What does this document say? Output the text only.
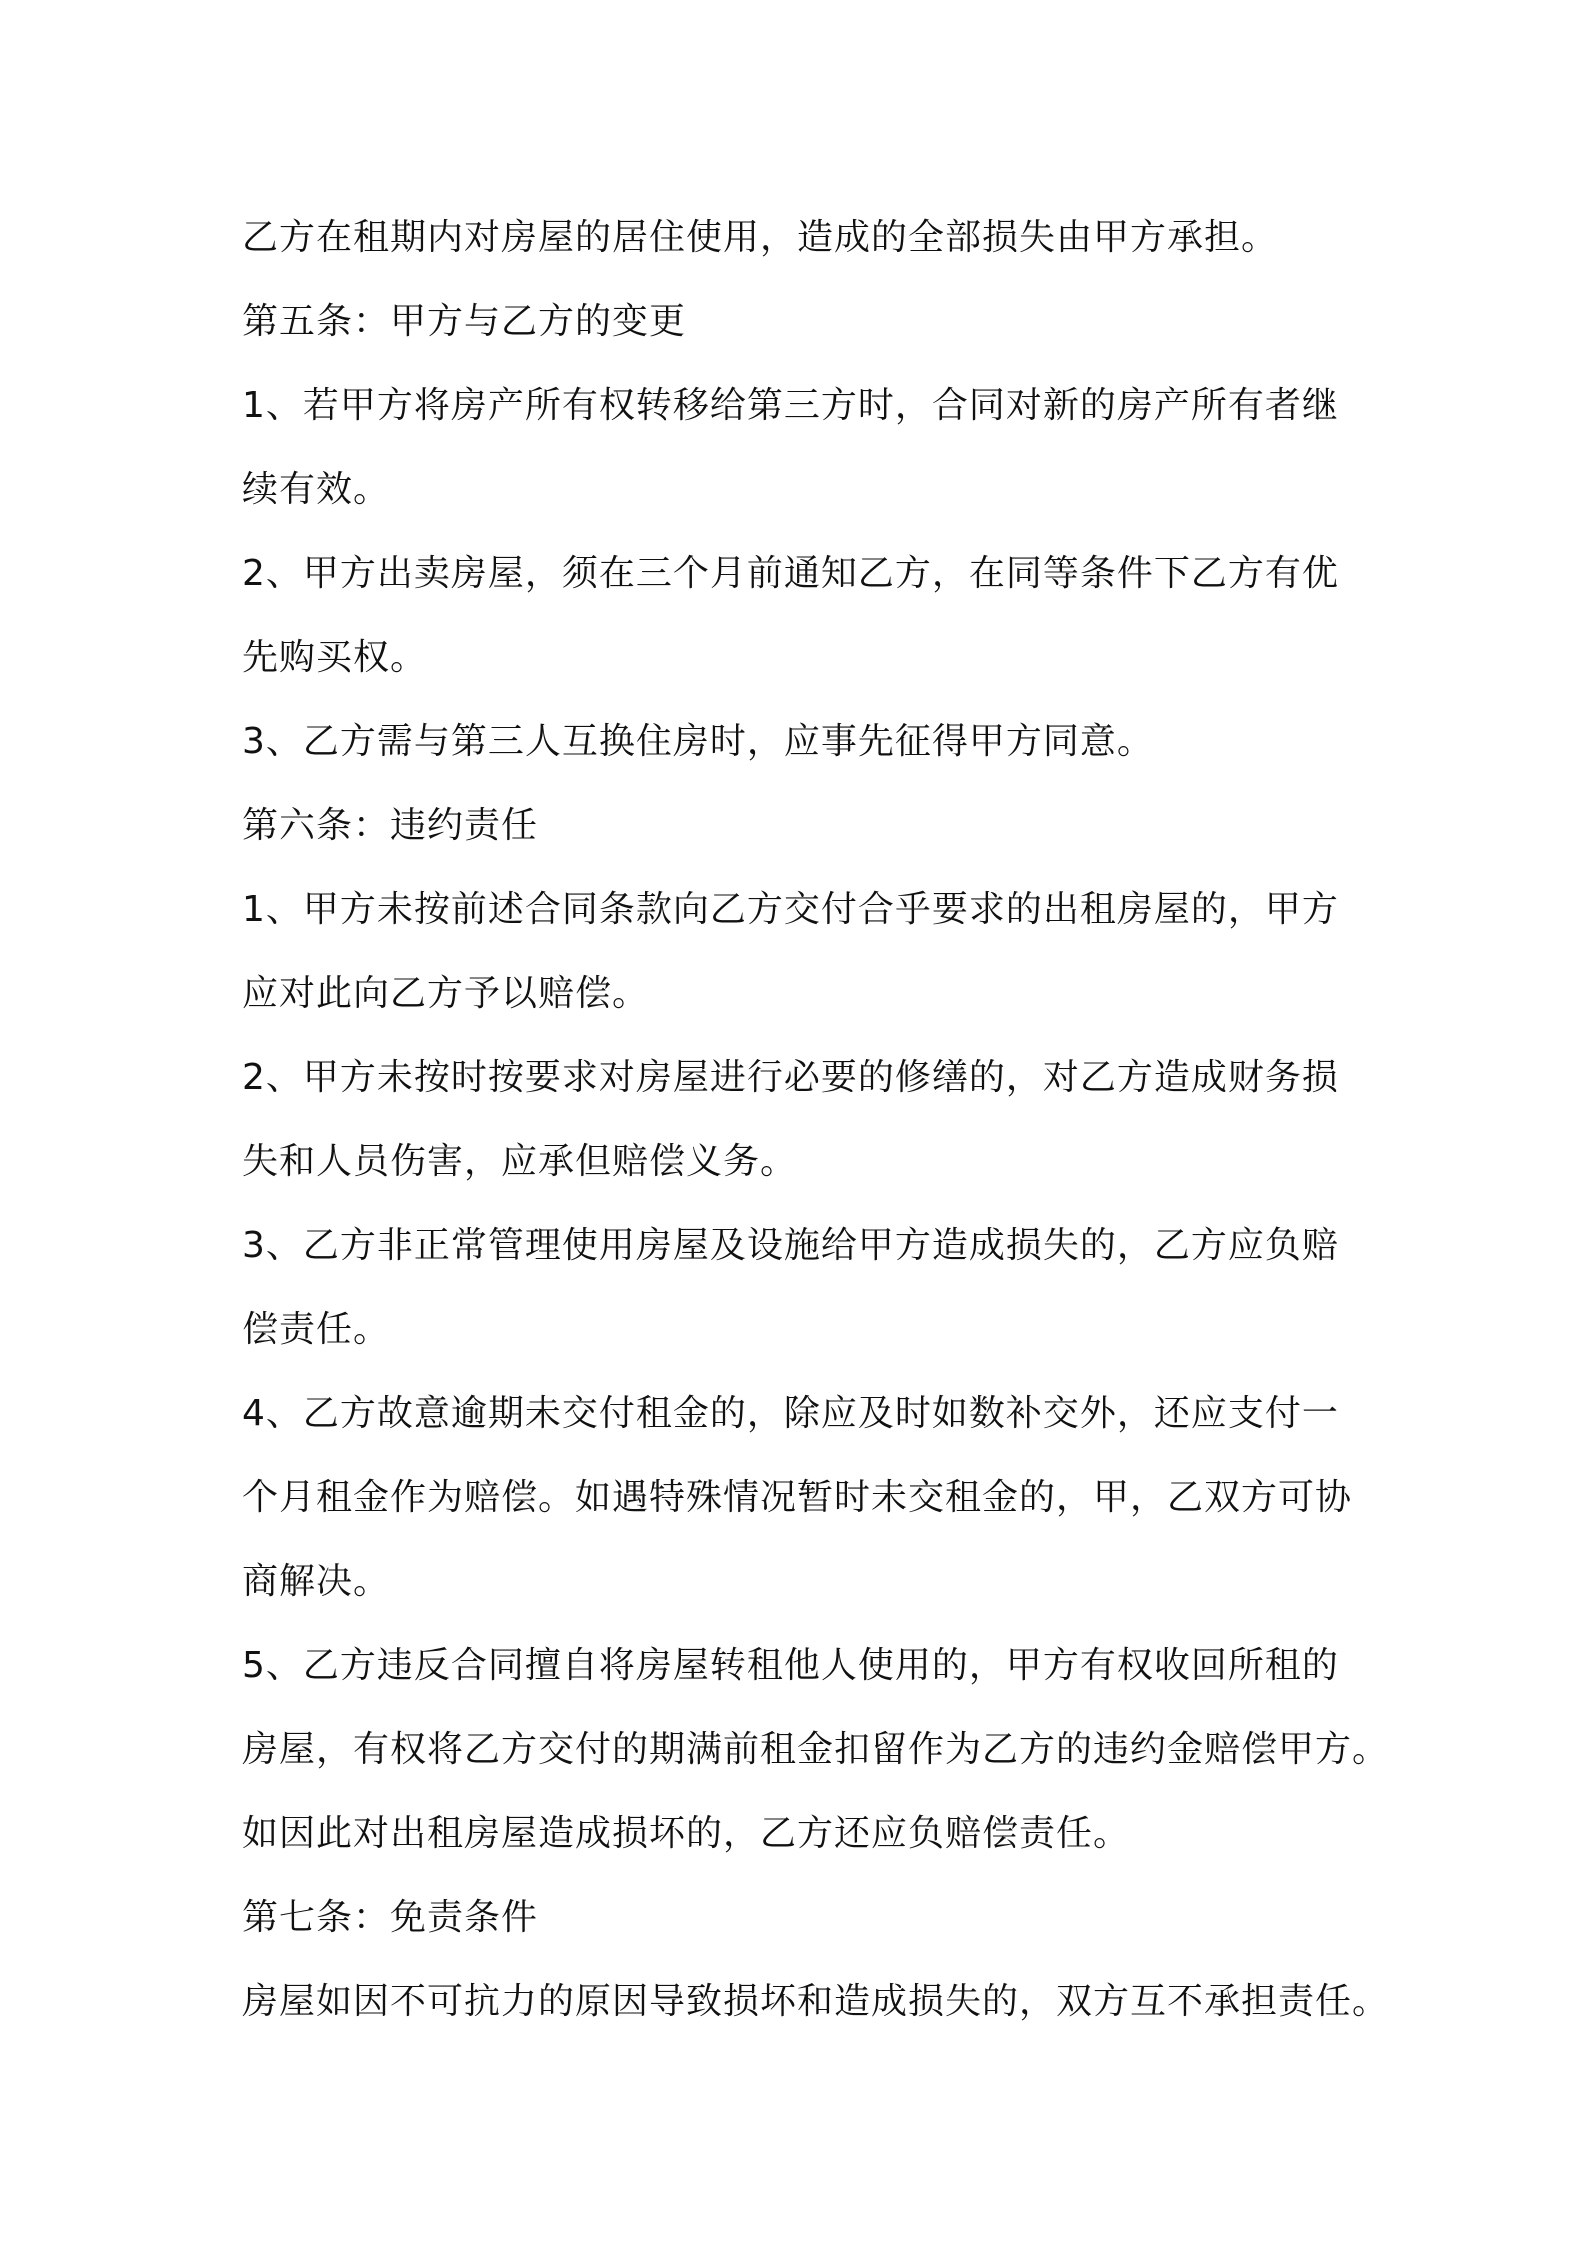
乙方在租期内对房屋的居住使用，造成的全部损失由甲方承担。
第五条：甲方与乙方的变更
1、若甲方将房产所有权转移给第三方时，合同对新的房产所有者继
续有效。
2、甲方出卖房屋，须在三个月前通知乙方，在同等条件下乙方有优
先购买权。
3、乙方需与第三人互换住房时，应事先征得甲方同意。
第六条：违约责任
1、甲方未按前述合同条款向乙方交付合乎要求的出租房屋的，甲方
应对此向乙方予以赔偿。
2、甲方未按时按要求对房屋进行必要的修缮的，对乙方造成财务损
失和人员伤害，应承但赔偿义务。
3、乙方非正常管理使用房屋及设施给甲方造成损失的，乙方应负赔
偿责任。
4、乙方故意逾期未交付租金的，除应及时如数补交外，还应支付一
个月租金作为赔偿。如遇特殊情况暂时未交租金的，甲，乙双方可协
商解决。
5、乙方违反合同擅自将房屋转租他人使用的，甲方有权收回所租的
房屋，有权将乙方交付的期满前租金扣留作为乙方的违约金赔偿甲方。
如因此对出租房屋造成损坏的，乙方还应负赔偿责任。
第七条：免责条件
房屋如因不可抗力的原因导致损坏和造成损失的，双方互不承担责任。
